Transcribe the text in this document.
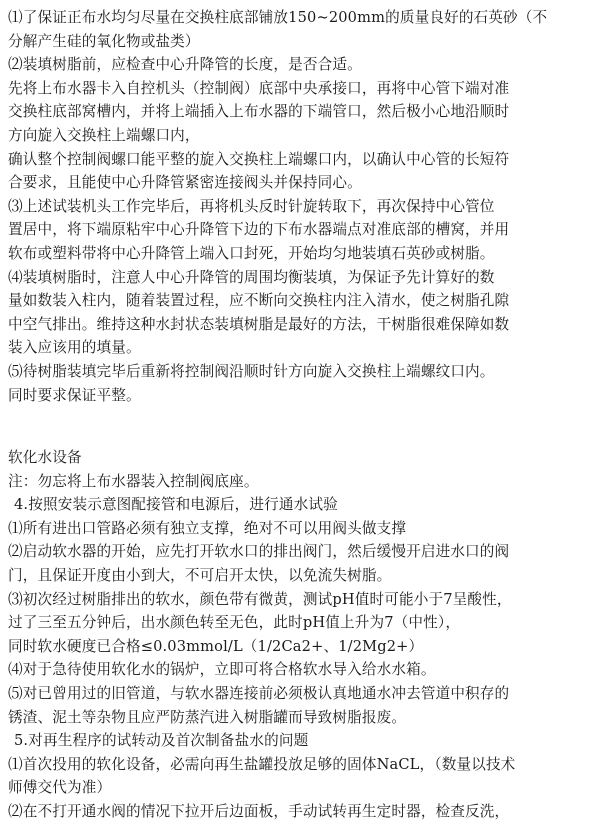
⑴了保证正布水均匀尽量在交换柱底部铺放150~200mm的质量良好的石英砂（不

分解产生硅的氧化物或盐类）

⑵装填树脂前，应检查中心升降管的长度，是否合适。

先将上布水器卡入自控机头（控制阀）底部中央承接口，再将中心管下端对准

交换柱底部窝槽内，并将上端插入上布水器的下端管口，然后极小心地沿顺时

方向旋入交换柱上端螺口内，

确认整个控制阀螺口能平整的旋入交换柱上端螺口内，以确认中心管的长短符

合要求，且能使中心升降管紧密连接阀头并保持同心。

⑶上述试装机头工作完毕后，再将机头反时针旋转取下，再次保持中心管位

置居中，将下端原粘牢中心升降管下边的下布水器端点对准底部的槽窝，并用

软布或塑料带将中心升降管上端入口封死，开始均匀地装填石英砂或树脂。

⑷装填树脂时，注意人中心升降管的周围均衡装填，为保证予先计算好的数

量如数装入柱内，随着装置过程，应不断向交换柱内注入清水，使之树脂孔隙

中空气排出。维持这种水封状态装填树脂是最好的方法，干树脂很难保障如数

装入应该用的填量。

⑸待树脂装填完毕后重新将控制阀沿顺时针方向旋入交换柱上端螺纹口内。

同时要求保证平整。

软化水设备

注：勿忘将上布水器装入控制阀底座。

4.按照安装示意图配接管和电源后，进行通水试验

⑴所有进出口管路必须有独立支撑，绝对不可以用阀头做支撑

⑵启动软水器的开始，应先打开软水口的排出阀门，然后缓慢开启进水口的阀

门，且保证开度由小到大，不可启开太快，以免流失树脂。

⑶初次经过树脂排出的软水，颜色带有微黄，测试pH值时可能小于7呈酸性，

过了三至五分钟后，出水颜色转至无色，此时pH值上升为7（中性），

同时软水硬度已合格≤0.03mmol/L（1/2Ca2+、1/2Mg2+）

⑷对于急待使用软化水的锅炉，立即可将合格软水导入给水水箱。

⑸对已曾用过的旧管道，与软水器连接前必须极认真地通水冲去管道中积存的

锈渣、泥土等杂物且应严防蒸汽进入树脂罐而导致树脂报废。

5.对再生程序的试转动及首次制备盐水的问题

⑴首次投用的软化设备，必需向再生盐罐投放足够的固体NaCL，（数量以技术

师傅交代为准）

⑵在不打开通水阀的情况下拉开后边面板，手动试转再生定时器，检查反洗，
